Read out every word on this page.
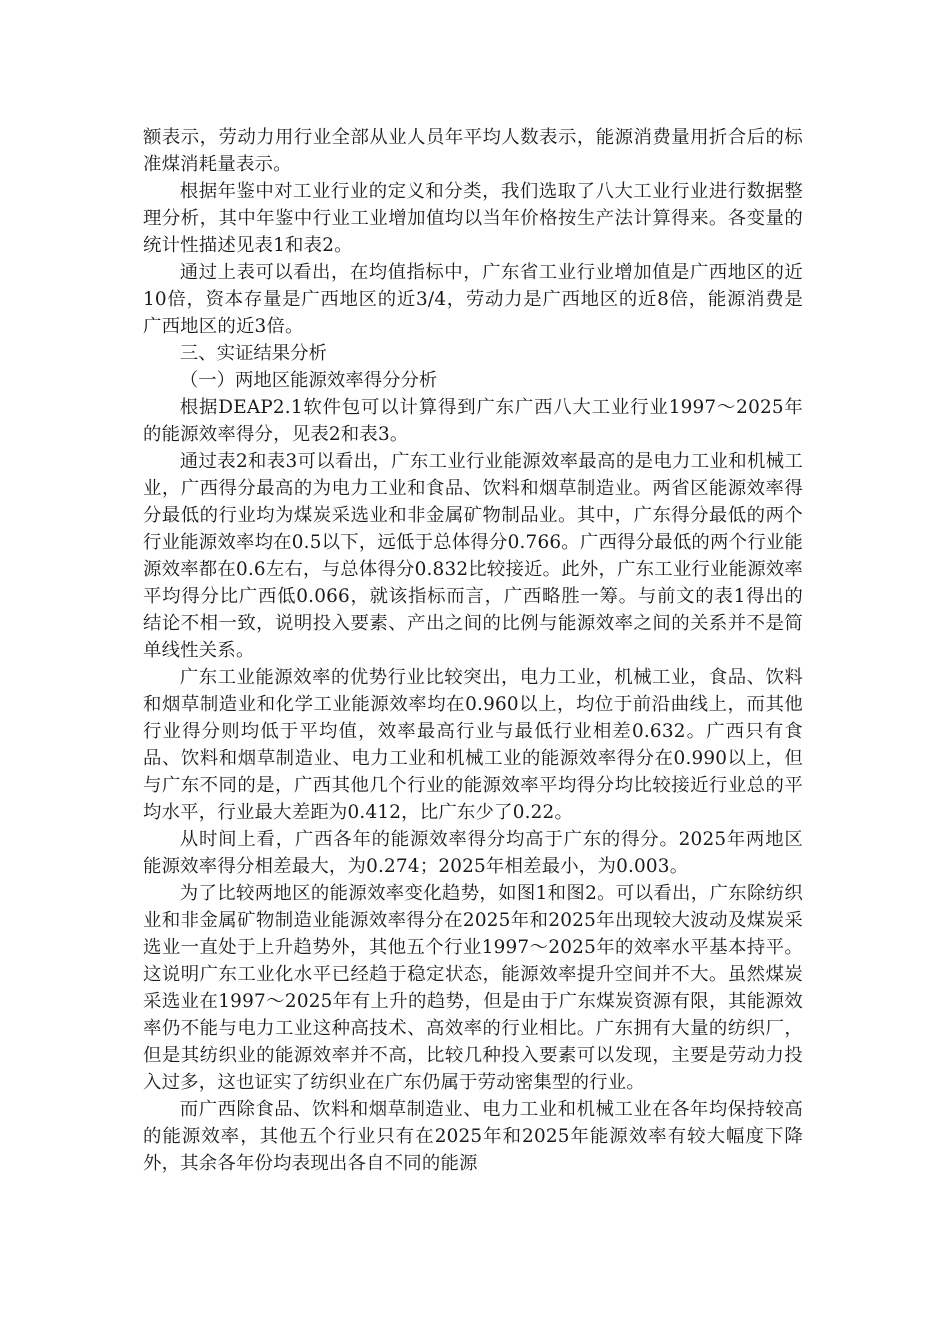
额表示，劳动力用行业全部从业人员年平均人数表示，能源消费量用折合后的标准煤消耗量表示。

根据年鉴中对工业行业的定义和分类，我们选取了八大工业行业进行数据整理分析，其中年鉴中行业工业增加值均以当年价格按生产法计算得来。各变量的统计性描述见表1和表2。

通过上表可以看出，在均值指标中，广东省工业行业增加值是广西地区的近10倍，资本存量是广西地区的近3/4，劳动力是广西地区的近8倍，能源消费是广西地区的近3倍。

三、实证结果分析

（一）两地区能源效率得分分析

根据DEAP2.1软件包可以计算得到广东广西八大工业行业1997～2025年的能源效率得分，见表2和表3。

通过表2和表3可以看出，广东工业行业能源效率最高的是电力工业和机械工业，广西得分最高的为电力工业和食品、饮料和烟草制造业。两省区能源效率得分最低的行业均为煤炭采选业和非金属矿物制品业。其中，广东得分最低的两个行业能源效率均在0.5以下，远低于总体得分0.766。广西得分最低的两个行业能源效率都在0.6左右，与总体得分0.832比较接近。此外，广东工业行业能源效率平均得分比广西低0.066，就该指标而言，广西略胜一筹。与前文的表1得出的结论不相一致，说明投入要素、产出之间的比例与能源效率之间的关系并不是简单线性关系。

广东工业能源效率的优势行业比较突出，电力工业，机械工业，食品、饮料和烟草制造业和化学工业能源效率均在0.960以上，均位于前沿曲线上，而其他行业得分则均低于平均值，效率最高行业与最低行业相差0.632。广西只有食品、饮料和烟草制造业、电力工业和机械工业的能源效率得分在0.990以上，但与广东不同的是，广西其他几个行业的能源效率平均得分均比较接近行业总的平均水平，行业最大差距为0.412，比广东少了0.22。

从时间上看，广西各年的能源效率得分均高于广东的得分。2025年两地区能源效率得分相差最大，为0.274；2025年相差最小，为0.003。

为了比较两地区的能源效率变化趋势，如图1和图2。可以看出，广东除纺织业和非金属矿物制造业能源效率得分在2025年和2025年出现较大波动及煤炭采选业一直处于上升趋势外，其他五个行业1997～2025年的效率水平基本持平。这说明广东工业化水平已经趋于稳定状态，能源效率提升空间并不大。虽然煤炭采选业在1997～2025年有上升的趋势，但是由于广东煤炭资源有限，其能源效率仍不能与电力工业这种高技术、高效率的行业相比。广东拥有大量的纺织厂，但是其纺织业的能源效率并不高，比较几种投入要素可以发现，主要是劳动力投入过多，这也证实了纺织业在广东仍属于劳动密集型的行业。

而广西除食品、饮料和烟草制造业、电力工业和机械工业在各年均保持较高的能源效率，其他五个行业只有在2025年和2025年能源效率有较大幅度下降外，其余各年份均表现出各自不同的能源
